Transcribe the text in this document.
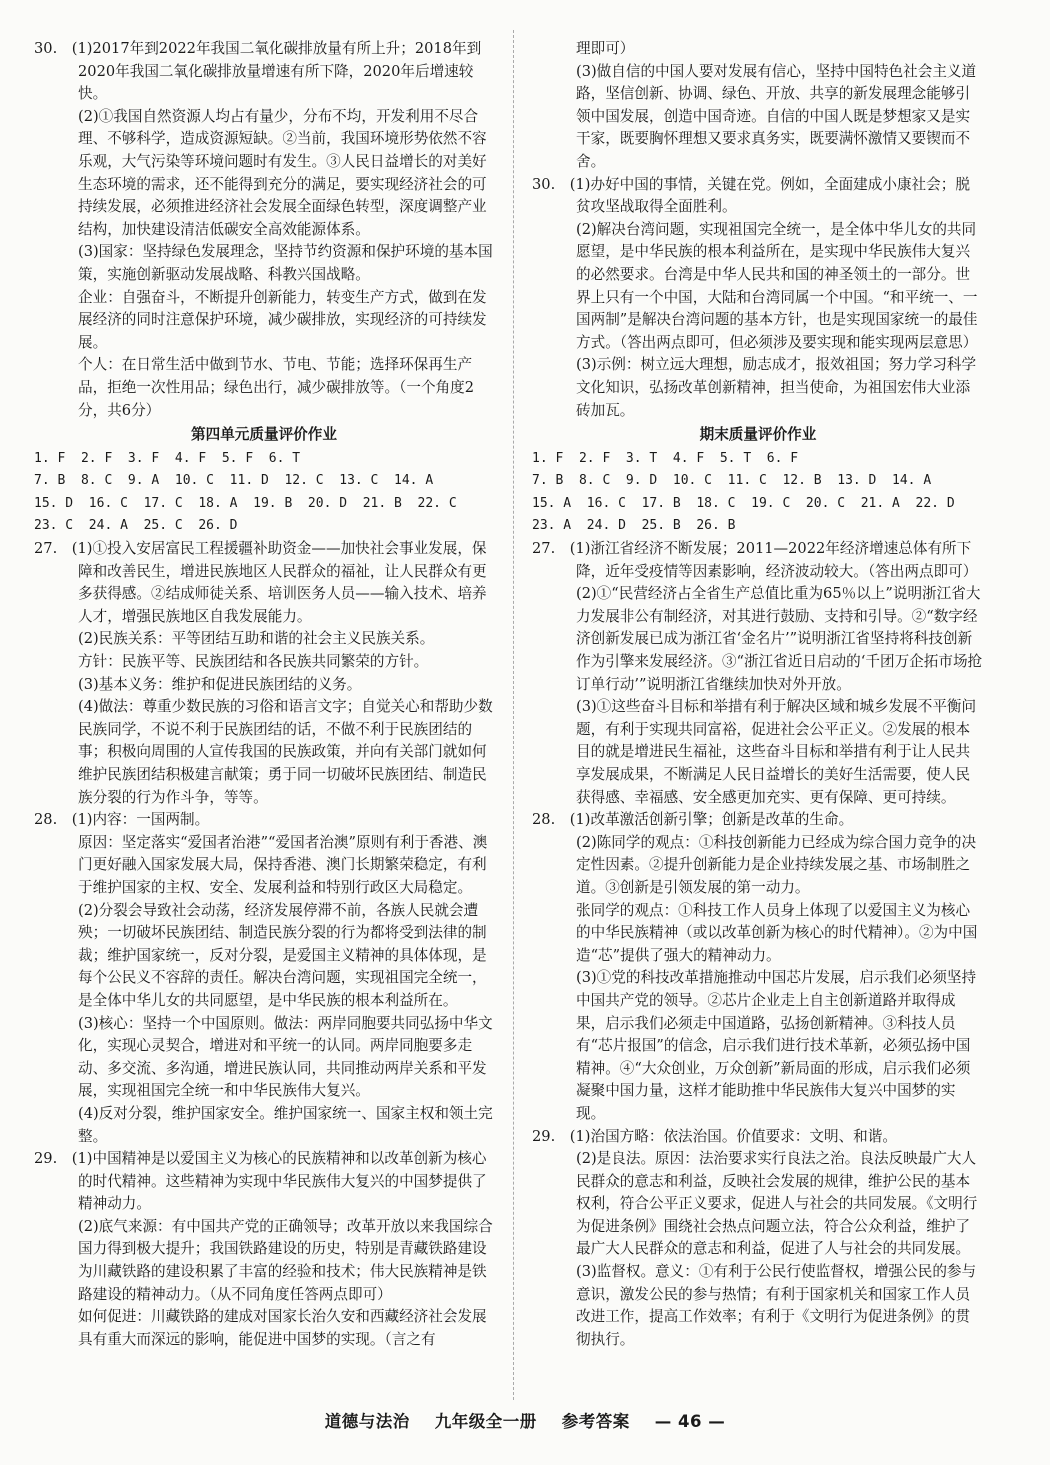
30.　(1)2017年到2022年我国二氧化碳排放量有所上升；2018年到2020年我国二氧化碳排放量增速有所下降，2020年后增速较快。

(2)①我国自然资源人均占有量少，分布不均，开发利用不尽合理、不够科学，造成资源短缺。②当前，我国环境形势依然不容乐观，大气污染等环境问题时有发生。③人民日益增长的对美好生态环境的需求，还不能得到充分的满足，要实现经济社会的可持续发展，必须推进经济社会发展全面绿色转型，深度调整产业结构，加快建设清洁低碳安全高效能源体系。

(3)国家：坚持绿色发展理念，坚持节约资源和保护环境的基本国策，实施创新驱动发展战略、科教兴国战略。

企业：自强奋斗，不断提升创新能力，转变生产方式，做到在发展经济的同时注意保护环境，减少碳排放，实现经济的可持续发展。

个人：在日常生活中做到节水、节电、节能；选择环保再生产品，拒绝一次性用品；绿色出行，减少碳排放等。（一个角度2分，共6分）

第四单元质量评价作业
1. F  2. F  3. F  4. F  5. F  6. T
7. B  8. C  9. A  10. C  11. D  12. C  13. C  14. A
15. D  16. C  17. C  18. A  19. B  20. D  21. B  22. C
23. C  24. A  25. C  26. D

27.　(1)①投入安居富民工程援疆补助资金——加快社会事业发展，保障和改善民生，增进民族地区人民群众的福祉，让人民群众有更多获得感。②结成师徒关系、培训医务人员——输入技术、培养人才，增强民族地区自我发展能力。

(2)民族关系：平等团结互助和谐的社会主义民族关系。

方针：民族平等、民族团结和各民族共同繁荣的方针。

(3)基本义务：维护和促进民族团结的义务。

(4)做法：尊重少数民族的习俗和语言文字；自觉关心和帮助少数民族同学，不说不利于民族团结的话，不做不利于民族团结的事；积极向周围的人宣传我国的民族政策，并向有关部门就如何维护民族团结积极建言献策；勇于同一切破坏民族团结、制造民族分裂的行为作斗争，等等。

28.　(1)内容：一国两制。

原因：坚定落实“爱国者治港”“爱国者治澳”原则有利于香港、澳门更好融入国家发展大局，保持香港、澳门长期繁荣稳定，有利于维护国家的主权、安全、发展利益和特别行政区大局稳定。

(2)分裂会导致社会动荡，经济发展停滞不前，各族人民就会遭殃；一切破坏民族团结、制造民族分裂的行为都将受到法律的制裁；维护国家统一，反对分裂，是爱国主义精神的具体体现，是每个公民义不容辞的责任。解决台湾问题，实现祖国完全统一，是全体中华儿女的共同愿望，是中华民族的根本利益所在。

(3)核心：坚持一个中国原则。做法：两岸同胞要共同弘扬中华文化，实现心灵契合，增进对和平统一的认同。两岸同胞要多走动、多交流、多沟通，增进民族认同，共同推动两岸关系和平发展，实现祖国完全统一和中华民族伟大复兴。

(4)反对分裂，维护国家安全。维护国家统一、国家主权和领土完整。

29.　(1)中国精神是以爱国主义为核心的民族精神和以改革创新为核心的时代精神。这些精神为实现中华民族伟大复兴的中国梦提供了精神动力。

(2)底气来源：有中国共产党的正确领导；改革开放以来我国综合国力得到极大提升；我国铁路建设的历史，特别是青藏铁路建设为川藏铁路的建设积累了丰富的经验和技术；伟大民族精神是铁路建设的精神动力。（从不同角度任答两点即可）

如何促进：川藏铁路的建成对国家长治久安和西藏经济社会发展具有重大而深远的影响，能促进中国梦的实现。（言之有

理即可）

(3)做自信的中国人要对发展有信心，坚持中国特色社会主义道路，坚信创新、协调、绿色、开放、共享的新发展理念能够引领中国发展，创造中国奇迹。自信的中国人既是梦想家又是实干家，既要胸怀理想又要求真务实，既要满怀激情又要锲而不舍。

30.　(1)办好中国的事情，关键在党。例如，全面建成小康社会；脱贫攻坚战取得全面胜利。

(2)解决台湾问题，实现祖国完全统一，是全体中华儿女的共同愿望，是中华民族的根本利益所在，是实现中华民族伟大复兴的必然要求。台湾是中华人民共和国的神圣领土的一部分。世界上只有一个中国，大陆和台湾同属一个中国。“和平统一、一国两制”是解决台湾问题的基本方针，也是实现国家统一的最佳方式。（答出两点即可，但必须涉及要实现和能实现两层意思）

(3)示例：树立远大理想，励志成才，报效祖国；努力学习科学文化知识，弘扬改革创新精神，担当使命，为祖国宏伟大业添砖加瓦。

期末质量评价作业
1. F  2. F  3. T  4. F  5. T  6. F
7. B  8. C  9. D  10. C  11. C  12. B  13. D  14. A
15. A  16. C  17. B  18. C  19. C  20. C  21. A  22. D
23. A  24. D  25. B  26. B

27.　(1)浙江省经济不断发展；2011—2022年经济增速总体有所下降，近年受疫情等因素影响，经济波动较大。（答出两点即可）

(2)①“民营经济占全省生产总值比重为65％以上”说明浙江省大力发展非公有制经济，对其进行鼓励、支持和引导。②“数字经济创新发展已成为浙江省‘金名片’”说明浙江省坚持将科技创新作为引擎来发展经济。③“浙江省近日启动的‘千团万企拓市场抢订单行动’”说明浙江省继续加快对外开放。

(3)①这些奋斗目标和举措有利于解决区域和城乡发展不平衡问题，有利于实现共同富裕，促进社会公平正义。②发展的根本目的就是增进民生福祉，这些奋斗目标和举措有利于让人民共享发展成果，不断满足人民日益增长的美好生活需要，使人民获得感、幸福感、安全感更加充实、更有保障、更可持续。

28.　(1)改革激活创新引擎；创新是改革的生命。

(2)陈同学的观点：①科技创新能力已经成为综合国力竞争的决定性因素。②提升创新能力是企业持续发展之基、市场制胜之道。③创新是引领发展的第一动力。

张同学的观点：①科技工作人员身上体现了以爱国主义为核心的中华民族精神（或以改革创新为核心的时代精神）。②为中国造“芯”提供了强大的精神动力。

(3)①党的科技改革措施推动中国芯片发展，启示我们必须坚持中国共产党的领导。②芯片企业走上自主创新道路并取得成果，启示我们必须走中国道路，弘扬创新精神。③科技人员有“芯片报国”的信念，启示我们进行技术革新，必须弘扬中国精神。④“大众创业，万众创新”新局面的形成，启示我们必须凝聚中国力量，这样才能助推中华民族伟大复兴中国梦的实现。

29.　(1)治国方略：依法治国。价值要求：文明、和谐。

(2)是良法。原因：法治要求实行良法之治。良法反映最广大人民群众的意志和利益，反映社会发展的规律，维护公民的基本权利，符合公平正义要求，促进人与社会的共同发展。《文明行为促进条例》围绕社会热点问题立法，符合公众利益，维护了最广大人民群众的意志和利益，促进了人与社会的共同发展。

(3)监督权。意义：①有利于公民行使监督权，增强公民的参与意识，激发公民的参与热情；有利于国家机关和国家工作人员改进工作，提高工作效率；有利于《文明行为促进条例》的贯彻执行。

道德与法治 九年级全一册 参考答案 — 46 —
